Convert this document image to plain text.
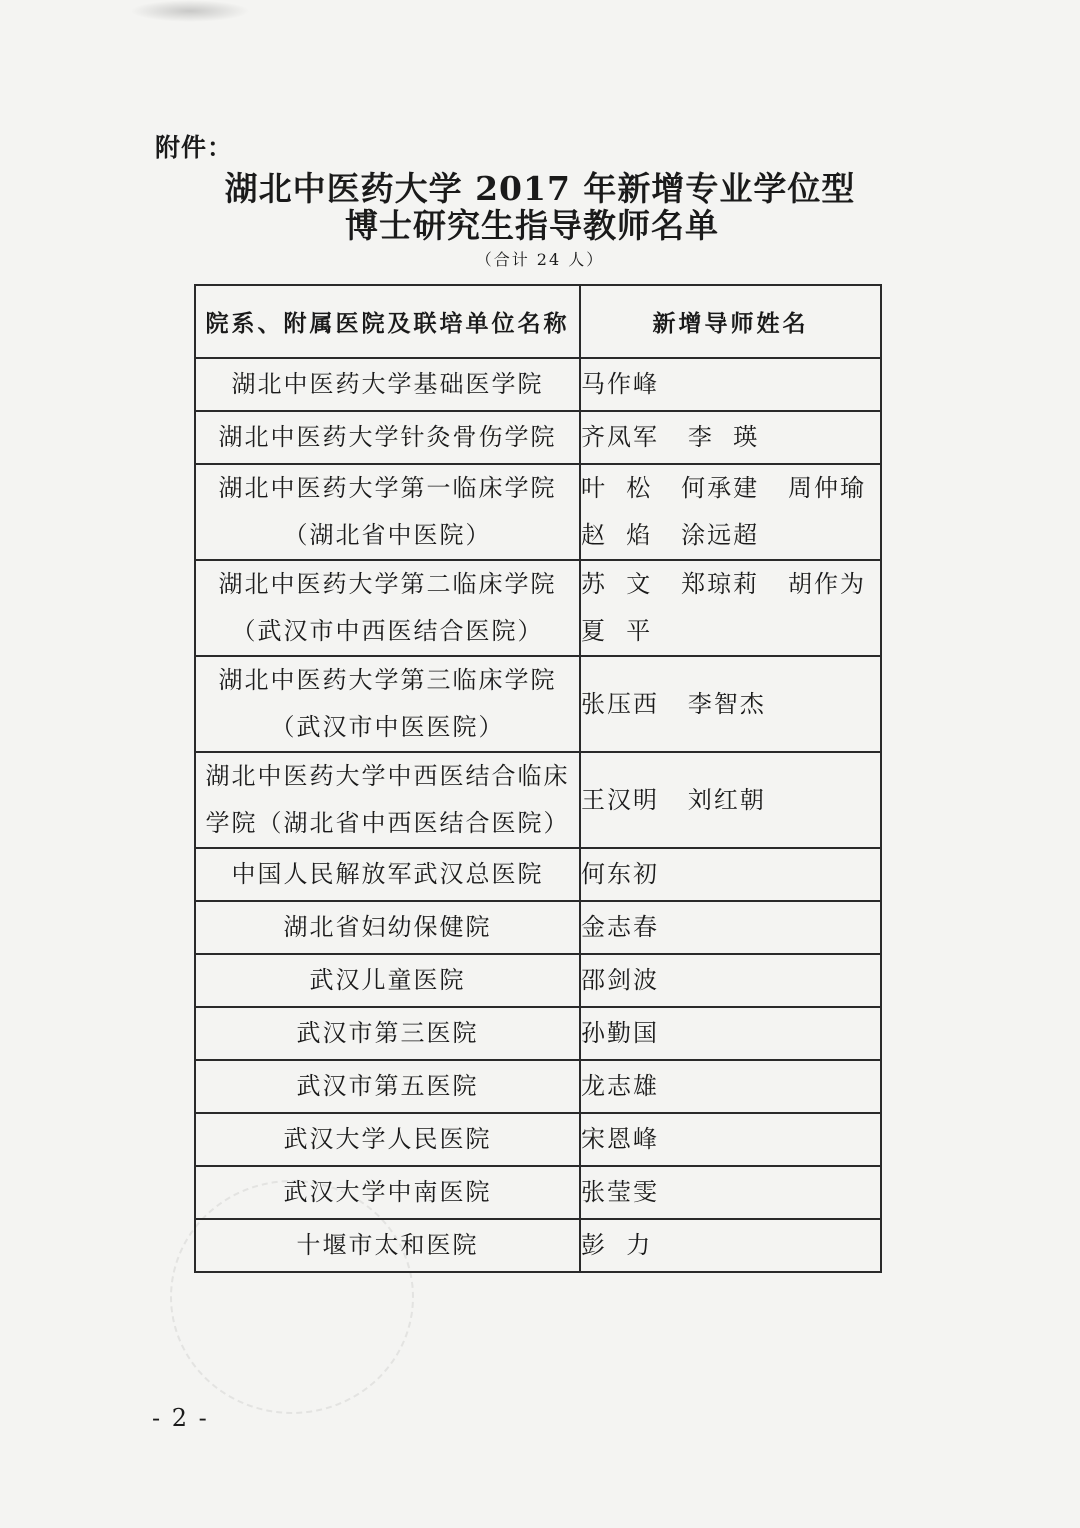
附件：
湖北中医药大学 2017 年新增专业学位型
博士研究生指导教师名单
（合计 24 人）
院系、附属医院及联培单位名称	新增导师姓名

湖北中医药大学基础医学院	马作峰

湖北中医药大学针灸骨伤学院	齐凤军   李  瑛

湖北中医药大学第一临床学院
（湖北省中医院）	叶  松   何承建   周仲瑜
赵  焰   涂远超

湖北中医药大学第二临床学院
（武汉市中西医结合医院）	苏  文   郑琼莉   胡作为
夏  平

湖北中医药大学第三临床学院
（武汉市中医医院）	张压西   李智杰

湖北中医药大学中西医结合临床
学院（湖北省中西医结合医院）	王汉明   刘红朝

中国人民解放军武汉总医院	何东初

湖北省妇幼保健院	金志春

武汉儿童医院	邵剑波

武汉市第三医院	孙勤国

武汉市第五医院	龙志雄

武汉大学人民医院	宋恩峰

武汉大学中南医院	张莹雯

十堰市太和医院	彭  力
- 2 -
